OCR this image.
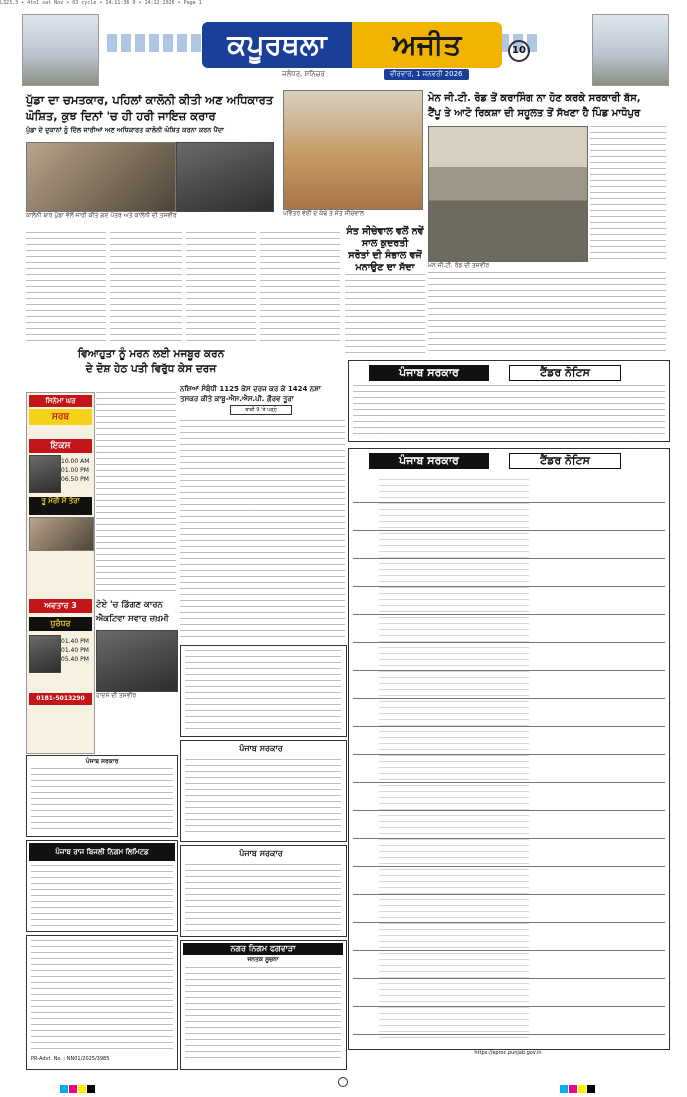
L323.3 • 4to1 sat Nov • 03 cycle • 14:11:36 0 • 14:12:2026 • Page 1
ਕਪੂਰਥਲਾ	ਅਜੀਤ
ਜਲੰਧਰ, ਸ਼ਨਿਚਰ	ਵੀਰਵਾਰ, 1 ਜਨਵਰੀ 2026
10
ਪੁੱਡਾ ਦਾ ਚਮਤਕਾਰ, ਪਹਿਲਾਂ ਕਾਲੋਨੀ ਕੀਤੀ ਅਣ ਅਧਿਕਾਰਤ
ਘੋਸ਼ਿਤ, ਕੁਝ ਦਿਨਾਂ 'ਚ ਹੀ ਹਰੀ ਜਾਇਜ਼ ਕਰਾਰ
ਪੁੱਡਾ ਦੇ ਦੁਕਾਨਾਂ ਨੂੰ ਦਿੱਲ ਜਾਰੀਆਂ ਅਣ ਅਧਿਕਾਰਤ ਕਾਲੋਨੀ ਘੋਸ਼ਿਤ ਕਰਨਾ ਕਰਨ ਪੈਂਦਾ
ਕਾਲੋਨੀ ਬਾਰੇ ਪੁੱਡਾ ਵੱਲੋਂ ਜਾਰੀ ਕੀਤੇ ਗਏ ਪੱਤਰ ਅਤੇ ਕਾਲੋਨੀ ਦੀ ਤਸਵੀਰ	ਪਵਿੱਤਰ ਵੇਈਂ ਦੇ ਕੰਢੇ ਤੇ ਸੰਤ ਸੀਚੇਵਾਲ
ਸੰਤ ਸੀਚੇਵਾਲ ਵਲੋਂ ਨਵੇਂ ਸਾਲ ਕੁਦਰਤੀ
ਸਰੋਤਾਂ ਦੀ ਸੰਭਾਲ ਵਜੋਂ ਮਨਾਉਣ ਦਾ ਸੱਦਾ
ਮੇਨ ਜੀ.ਟੀ. ਰੋਡ ਤੋਂ ਕਰਾਸਿੰਗ ਨਾ ਹੋਣ ਕਰਕੇ ਸਰਕਾਰੀ ਬੱਸ,
ਟੈਂਪੂ ਤੇ ਆਟੋ ਰਿਕਸ਼ਾ ਦੀ ਸਹੂਲਤ ਤੋਂ ਸੱਖਣਾ ਹੈ ਪਿੰਡ ਮਾਧੋਪੁਰ
ਮੇਨ ਜੀ.ਟੀ. ਰੋਡ ਦੀ ਤਸਵੀਰ
ਵਿਆਹੁਤਾ ਨੂੰ ਮਰਨ ਲਈ ਮਜਬੂਰ ਕਰਨ
ਦੇ ਦੋਸ਼ ਹੇਠ ਪਤੀ ਵਿਰੁੱਧ ਕੇਸ ਦਰਜ
ਸਿਨੇਮਾ ਘਰ
ਸਰਬ
ਇਕਸ
10.00 AM
01.00 PM
06.50 PM
ਤੂ ਮੇਰੀ ਮੈਂ ਤੇਰਾ
ਅਵਤਾਰ 3
ਧੁਰੰਧਰ
01.40 PM
01.40 PM
05.40 PM
0181-5013290
ਟੋਏ 'ਚ ਡਿੱਗਣ ਕਾਰਨ
ਐਕਟਿਵਾ ਸਵਾਰ ਜ਼ਖ਼ਮੀ
ਹਾਦਸੇ ਦੀ ਤਸਵੀਰ
ਨਸ਼ਿਆਂ ਸੰਬੰਧੀ 1125 ਕੇਸ ਦਰਜ ਕਰ ਕੇ 1424 ਨਸ਼ਾ
ਤਸਕਰ ਕੀਤੇ ਕਾਬੂ-ਐਸ.ਐਸ.ਪੀ. ਗੌਰਵ ਤੂਰਾ
ਬਾਕੀ 9 'ਤੇ ਪੜ੍ਹੋ
ਪੰਜਾਬ ਸਰਕਾਰ
ਪੰਜਾਬ ਸਰਕਾਰ
ਨਗਰ ਨਿਗਮ ਫਗਵਾੜਾ
ਜਨਤਕ ਸੂਚਨਾ
ਪੰਜਾਬ ਸਰਕਾਰ
ਪੰਜਾਬ ਰਾਜ ਬਿਜਲੀ ਨਿਗਮ ਲਿਮਿਟਡ
PR-Advt. No. : NN01/2025/3985
ਪੰਜਾਬ ਸਰਕਾਰ	ਟੈਂਡਰ ਨੋਟਿਸ
ਪੰਜਾਬ ਸਰਕਾਰ	ਟੈਂਡਰ ਨੋਟਿਸ
https://eproc.punjab.gov.in
